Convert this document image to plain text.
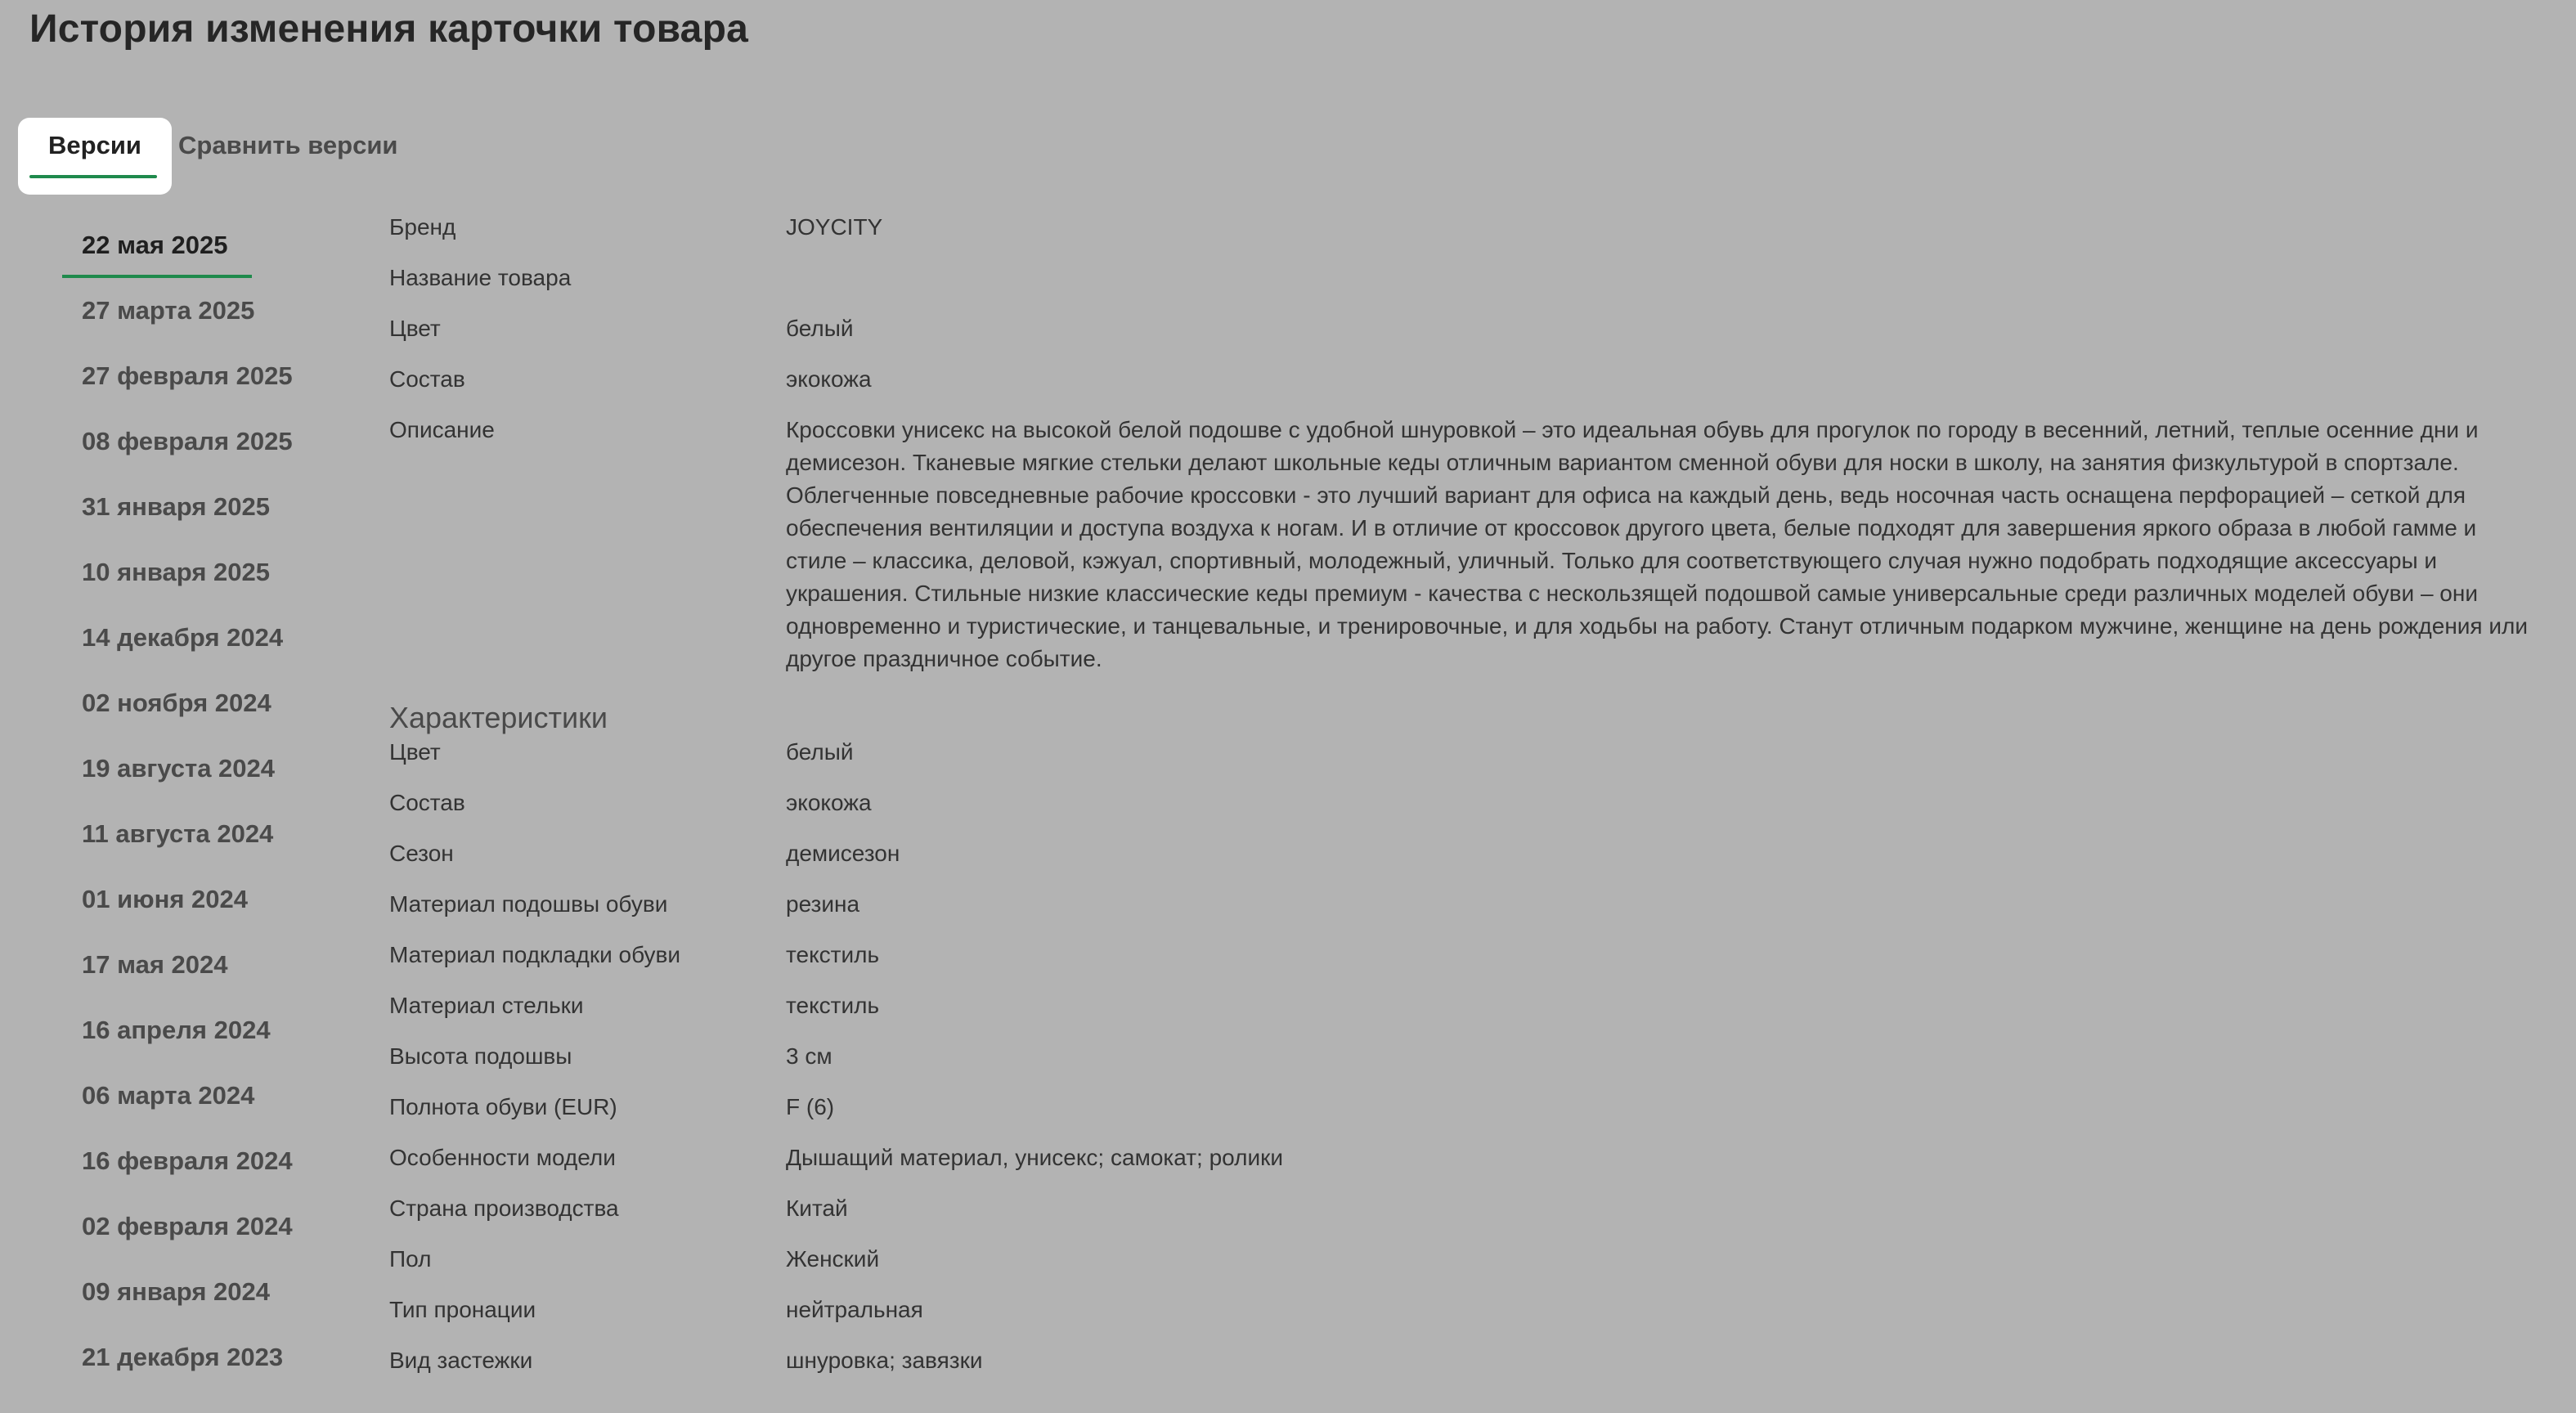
История изменения карточки товара
Версии	Сравнить версии
22 мая 2025
27 марта 2025
27 февраля 2025
08 февраля 2025
31 января 2025
10 января 2025
14 декабря 2024
02 ноября 2024
19 августа 2024
11 августа 2024
01 июня 2024
17 мая 2024
16 апреля 2024
06 марта 2024
16 февраля 2024
02 февраля 2024
09 января 2024
21 декабря 2023
Бренд	JOYCITY
Название товара
Цвет	белый
Состав	экокожа
Описание	Кроссовки унисекс на высокой белой подошве с удобной шнуровкой – это идеальная обувь для прогулок по городу в весенний, летний, теплые осенние дни и демисезон. Тканевые мягкие стельки делают школьные кеды отличным вариантом сменной обуви для носки в школу, на занятия физкультурой в спортзале. Облегченные повседневные рабочие кроссовки - это лучший вариант для офиса на каждый день, ведь носочная часть оснащена перфорацией – сеткой для обеспечения вентиляции и доступа воздуха к ногам. И в отличие от кроссовок другого цвета, белые подходят для завершения яркого образа в любой гамме и стиле – классика, деловой, кэжуал, спортивный, молодежный, уличный. Только для соответствующего случая нужно подобрать подходящие аксессуары и украшения. Стильные низкие классические кеды премиум - качества с нескользящей подошвой самые универсальные среди различных моделей обуви – они одновременно и туристические, и танцевальные, и тренировочные, и для ходьбы на работу. Станут отличным подарком мужчине, женщине на день рождения или другое праздничное событие.
Характеристики
Цвет	белый
Состав	экокожа
Сезон	демисезон
Материал подошвы обуви	резина
Материал подкладки обуви	текстиль
Материал стельки	текстиль
Высота подошвы	3 см
Полнота обуви (EUR)	F (6)
Особенности модели	Дышащий материал, унисекс; самокат; ролики
Страна производства	Китай
Пол	Женский
Тип пронации	нейтральная
Вид застежки	шнуровка; завязки
